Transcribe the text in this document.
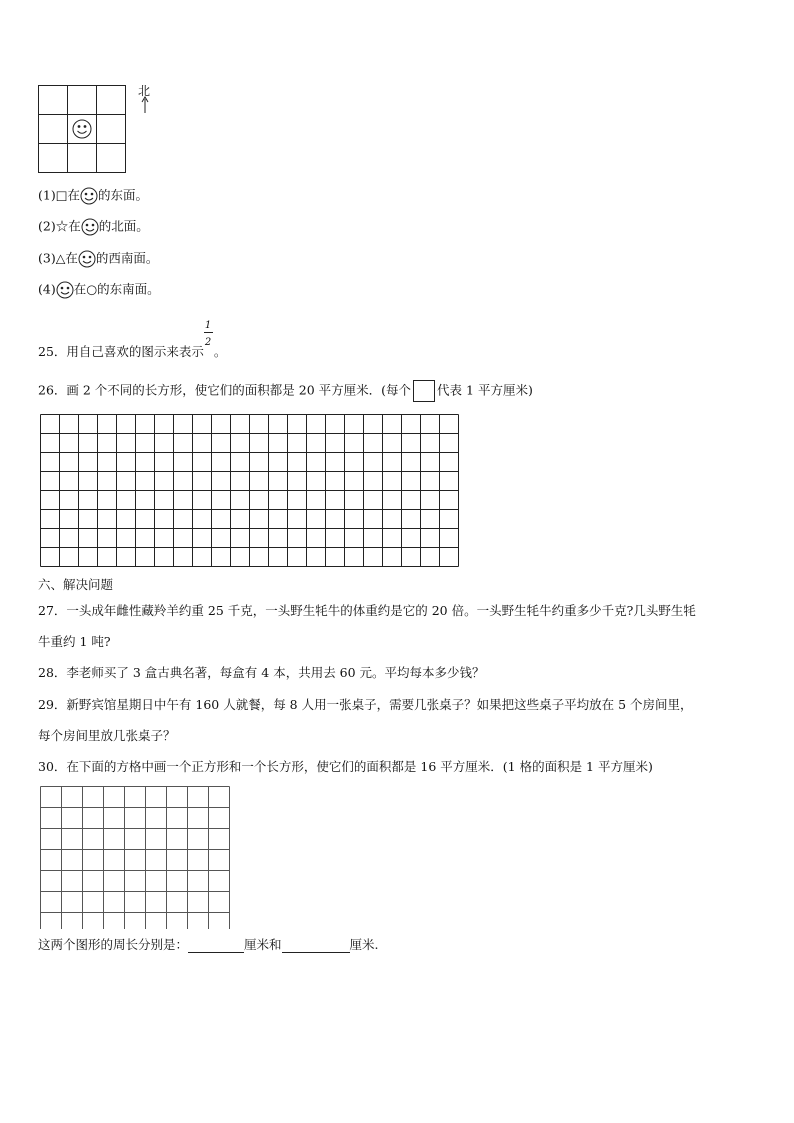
北
(1)□在 的东面。
(2)☆在 的北面。
(3)△在 的西南面。
(4) 在○的东南面。
25．用自己喜欢的图示来表示 $\frac{1}{2}$ 。
26．画 2 个不同的长方形，使它们的面积都是 20 平方厘米．(每个 代表 1 平方厘米)
六、解决问题
27．一头成年雌性藏羚羊约重 25 千克，一头野生牦牛的体重约是它的 20 倍。一头野生牦牛约重多少千克?几头野生牦
牛重约 1 吨?
28．李老师买了 3 盒古典名著，每盒有 4 本，共用去 60 元。平均每本多少钱？
29．新野宾馆星期日中午有 160 人就餐，每 8 人用一张桌子，需要几张桌子？如果把这些桌子平均放在 5 个房间里，
每个房间里放几张桌子？
30．在下面的方格中画一个正方形和一个长方形，使它们的面积都是 16 平方厘米．(1 格的面积是 1 平方厘米)
这两个图形的周长分别是：	厘米和	厘米.
